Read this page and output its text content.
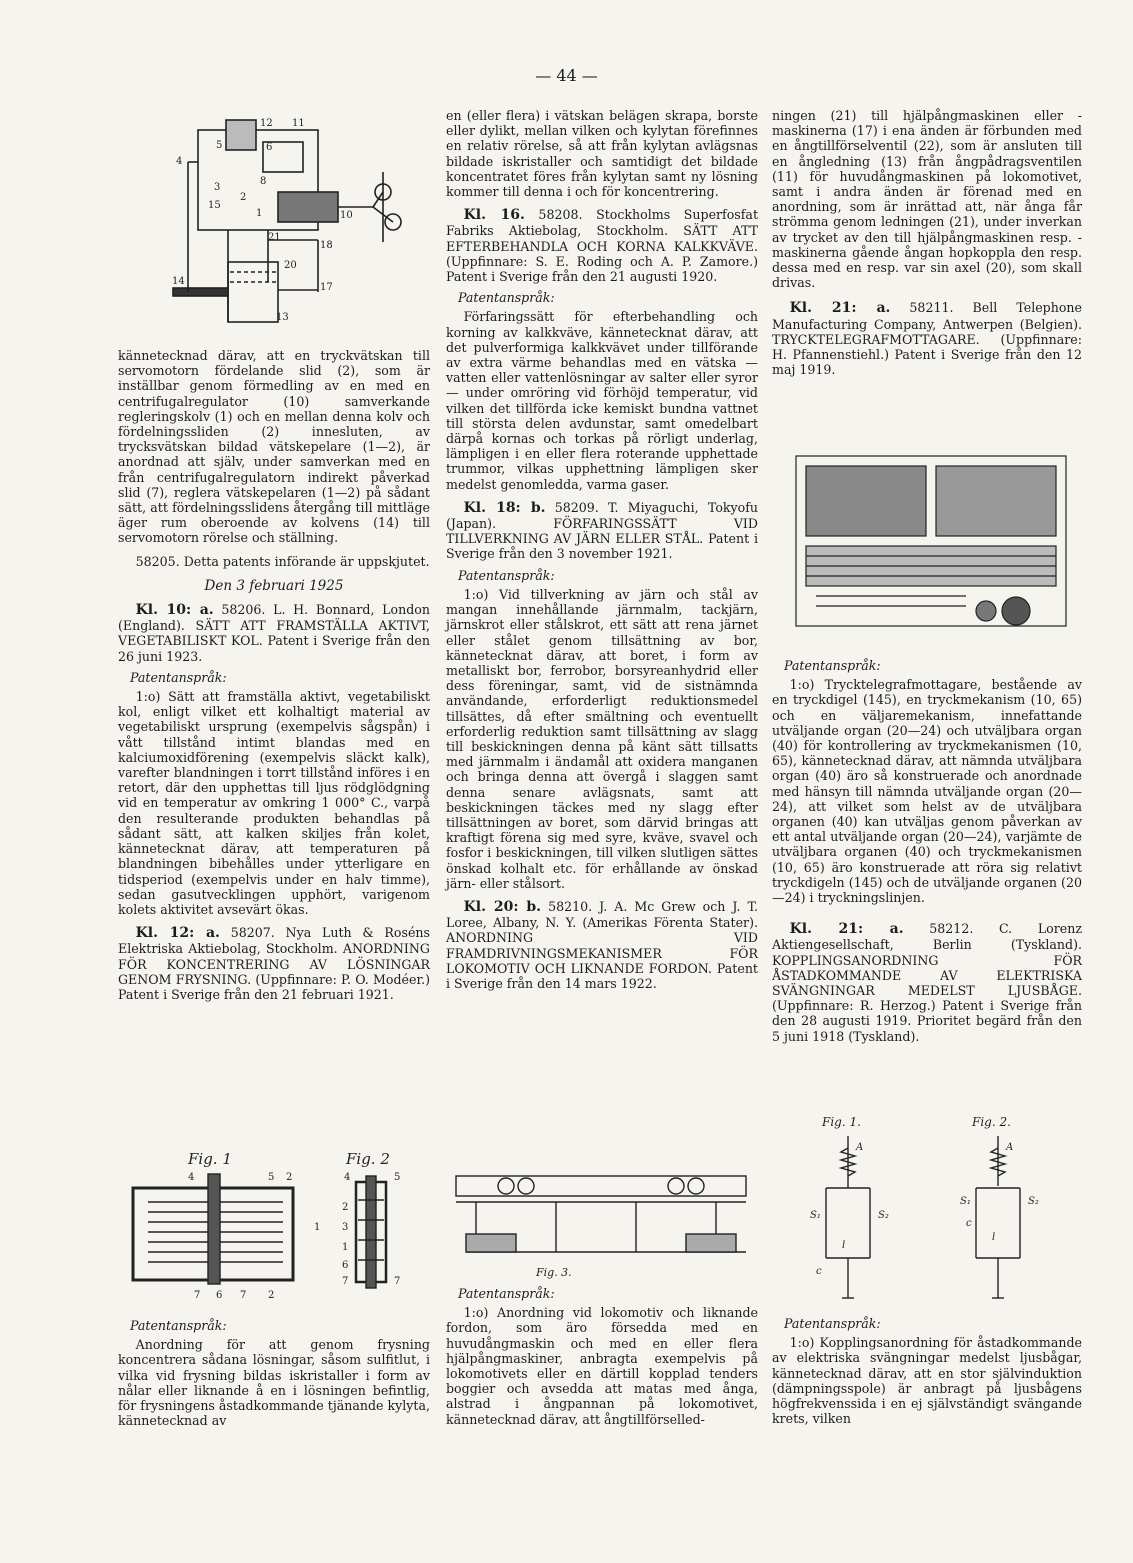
— 44 —
12 11
5	6
4
3
8
2
15
1	10
21
18
20
17
14
13

kännetecknad därav, att en tryckvätskan till servomotorn fördelande slid (2), som är inställbar genom förmedling av en med en centrifugalregulator (10) samverkande regleringskolv (1) och en mellan denna kolv och fördelningssliden (2) innesluten, av trycksvätskan bildad vätskepelare (1—2), är anordnad att själv, under samverkan med en från centrifugalregulatorn indirekt påverkad slid (7), reglera vätskepelaren (1—2) på sådant sätt, att fördelningsslidens återgång till mittläge äger rum oberoende av kolvens (14) till servomotorn rörelse och ställning.

58205. Detta patents införande är uppskjutet.

Den 3 februari 1925

Kl. 10: a. 58206. L. H. Bonnard, London (England). SÄTT ATT FRAMSTÄLLA AKTIVT, VEGETABILISKT KOL. Patent i Sverige från den 26 juni 1923.

Patentanspråk:

1:o) Sätt att framställa aktivt, vegetabiliskt kol, enligt vilket ett kolhaltigt material av vegetabiliskt ursprung (exempelvis sågspån) i vått tillstånd intimt blandas med en kalciumoxidförening (exempelvis släckt kalk), varefter blandningen i torrt tillstånd införes i en retort, där den upphettas till ljus rödglödgning vid en temperatur av omkring 1 000° C., varpå den resulterande produkten behandlas på sådant sätt, att kalken skiljes från kolet, kännetecknat därav, att temperaturen på blandningen bibehålles under ytterligare en tidsperiod (exempelvis under en halv timme), sedan gasutvecklingen upphört, varigenom kolets aktivitet avsevärt ökas.

Kl. 12: a. 58207. Nya Luth & Roséns Elektriska Aktiebolag, Stockholm. ANORDNING FÖR KONCENTRERING AV LÖSNINGAR GENOM FRYSNING. (Uppfinnare: P. O. Modéer.) Patent i Sverige från den 21 februari 1921.

Fig. 1	Fig. 2
4	5 2
1
7 6 7 2
4	5
2
3
1
6
7	7

Patentanspråk:

Anordning för att genom frysning koncentrera sådana lösningar, såsom sulfitlut, i vilka vid frysning bildas iskristaller i form av nålar eller liknande å en i lösningen befintlig, för frysningens åstadkommande tjänande kylyta, kännetecknad av

en (eller flera) i vätskan belägen skrapa, borste eller dylikt, mellan vilken och kylytan förefinnes en relativ rörelse, så att från kylytan avlägsnas bildade iskristaller och samtidigt det bildade koncentratet föres från kylytan samt ny lösning kommer till denna i och för koncentrering.

Kl. 16. 58208. Stockholms Superfosfat Fabriks Aktiebolag, Stockholm. SÄTT ATT EFTERBEHANDLA OCH KORNA KALKKVÄVE. (Uppfinnare: S. E. Roding och A. P. Zamore.) Patent i Sverige från den 21 augusti 1920.

Patentanspråk:

Förfaringssätt för efterbehandling och korning av kalkkväve, kännetecknat därav, att det pulverformiga kalkkvävet under tillförande av extra värme behandlas med en vätska — vatten eller vattenlösningar av salter eller syror — under omröring vid förhöjd temperatur, vid vilken det tillförda icke kemiskt bundna vattnet till största delen avdunstar, samt omedelbart därpå kornas och torkas på rörligt underlag, lämpligen i en eller flera roterande upphettade trummor, vilkas upphettning lämpligen sker medelst genomledda, varma gaser.

Kl. 18: b. 58209. T. Miyaguchi, Tokyofu (Japan). FÖRFARINGSSÄTT VID TILLVERKNING AV JÄRN ELLER STÅL. Patent i Sverige från den 3 november 1921.

Patentanspråk:

1:o) Vid tillverkning av järn och stål av mangan innehållande järnmalm, tackjärn, järnskrot eller stålskrot, ett sätt att rena järnet eller stålet genom tillsättning av bor, kännetecknat därav, att boret, i form av metalliskt bor, ferrobor, borsyreanhydrid eller dess föreningar, samt, vid de sistnämnda användande, erforderligt reduktionsmedel tillsättes, då efter smältning och eventuellt erforderlig reduktion samt tillsättning av slagg till beskickningen denna på känt sätt tillsatts med järnmalm i ändamål att oxidera manganen och bringa denna att övergå i slaggen samt denna senare avlägsnats, samt att beskickningen täckes med ny slagg efter tillsättningen av boret, som därvid bringas att kraftigt förena sig med syre, kväve, svavel och fosfor i beskickningen, till vilken slutligen sättes önskad kolhalt etc. för erhållande av önskad järn- eller stålsort.

Kl. 20: b. 58210. J. A. Mc Grew och J. T. Loree, Albany, N. Y. (Amerikas Förenta Stater). ANORDNING VID FRAMDRIVNINGSMEKANISMER FÖR LOKOMOTIV OCH LIKNANDE FORDON. Patent i Sverige från den 14 mars 1922.

Fig. 3.

Patentanspråk:

1:o) Anordning vid lokomotiv och liknande fordon, som äro försedda med en huvudångmaskin och med en eller flera hjälpångmaskiner, anbragta exempelvis på lokomotivets eller en därtill kopplad tenders boggier och avsedda att matas med ånga, alstrad i ångpannan på lokomotivet, kännetecknad därav, att ångtillförselled-

ningen (21) till hjälpångmaskinen eller -maskinerna (17) i ena änden är förbunden med en ångtillförselventil (22), som är ansluten till en ångledning (13) från ångpådragsventilen (11) för huvudångmaskinen på lokomotivet, samt i andra änden är förenad med en anordning, som är inrättad att, när ånga får strömma genom ledningen (21), under inverkan av trycket av den till hjälpångmaskinen resp. -maskinerna gående ångan hopkoppla den resp. dessa med en resp. var sin axel (20), som skall drivas.

Kl. 21: a. 58211. Bell Telephone Manufacturing Company, Antwerpen (Belgien). TRYCKTELEGRAFMOTTAGARE. (Uppfinnare: H. Pfannenstiehl.) Patent i Sverige från den 12 maj 1919.

Patentanspråk:

1:o) Trycktelegrafmottagare, bestående av en tryckdigel (145), en tryckmekanism (10, 65) och en väljaremekanism, innefattande utväljande organ (20—24) och utväljbara organ (40) för kontrollering av tryckmekanismen (10, 65), kännetecknad därav, att nämnda utväljbara organ (40) äro så konstruerade och anordnade med hänsyn till nämnda utväljande organ (20—24), att vilket som helst av de utväljbara organen (40) kan utväljas genom påverkan av ett antal utväljande organ (20—24), varjämte de utväljbara organen (40) och tryckmekanismen (10, 65) äro konstruerade att röra sig relativt tryckdigeln (145) och de utväljande organen (20—24) i tryckningslinjen.

Kl. 21: a. 58212. C. Lorenz Aktiengesellschaft, Berlin (Tyskland). KOPPLINGSANORDNING FÖR ÅSTADKOMMANDE AV ELEKTRISKA SVÄNGNINGAR MEDELST LJUSBÅGE. (Uppfinnare: R. Herzog.) Patent i Sverige från den 28 augusti 1919. Prioritet begärd från den 5 juni 1918 (Tyskland).

Fig. 1.	Fig. 2.
A	A
S₁	S₂
S₁	S₂
l
l
c
c

Patentanspråk:

1:o) Kopplingsanordning för åstadkommande av elektriska svängningar medelst ljusbågar, kännetecknad därav, att en stor självinduktion (dämpningsspole) är anbragt på ljusbågens högfrekvenssida i en ej självständigt svängande krets, vilken
